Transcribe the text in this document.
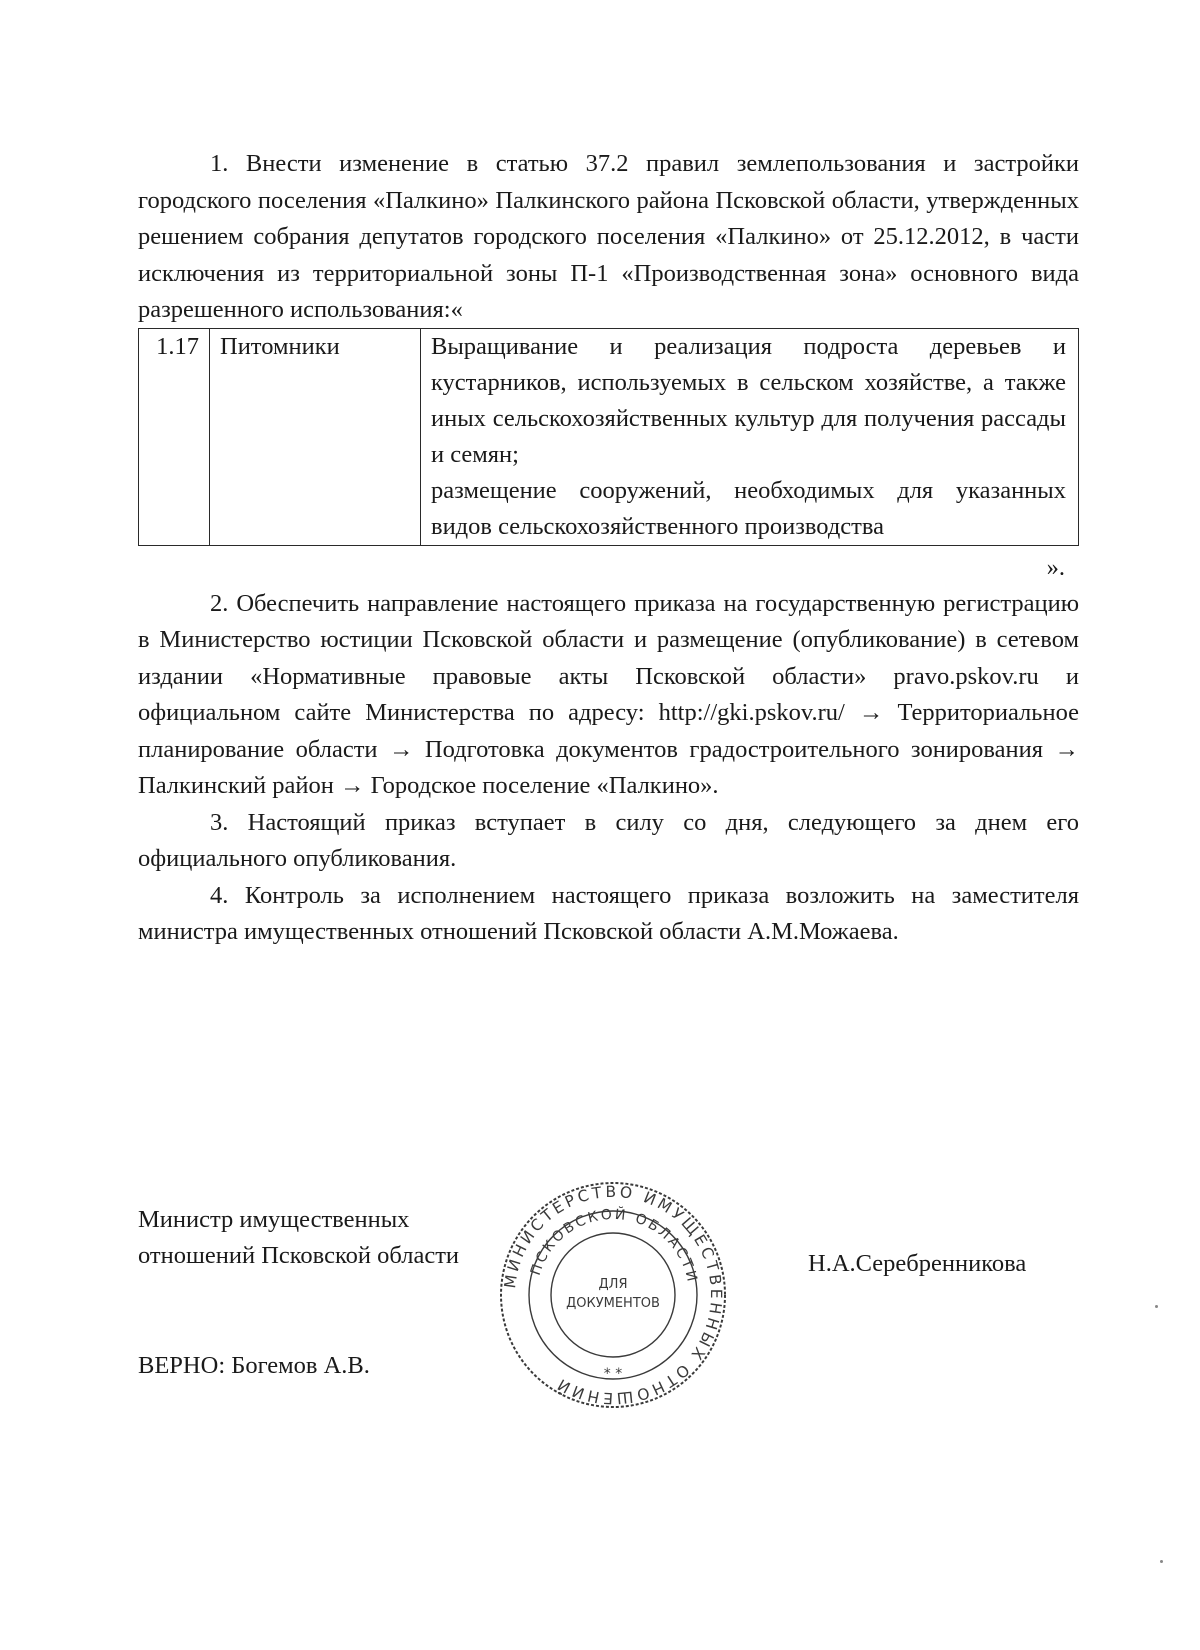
1. Внести изменение в статью 37.2 правил землепользования и застройки городского поселения «Палкино» Палкинского района Псковской области, утвержденных решением собрания депутатов городского поселения «Палкино» от 25.12.2012, в части исключения из территориальной зоны П-1 «Производственная зона» основного вида разрешенного использования:«

1.17	Питомники	Выращивание и реализация подроста деревьев и кустарников, используемых в сельском хозяйстве, а также иных сельскохозяйственных культур для получения рассады и семян;
размещение сооружений, необходимых для указанных видов сельскохозяйственного производства
».

2. Обеспечить направление настоящего приказа на государственную регистрацию в Министерство юстиции Псковской области и размещение (опубликование) в сетевом издании «Нормативные правовые акты Псковской области» pravo.pskov.ru и официальном сайте Министерства по адресу: http://gki.pskov.ru/ → Территориальное планирование области → Подготовка документов градостроительного зонирования → Палкинский район → Городское поселение «Палкино».

3. Настоящий приказ вступает в силу со дня, следующего за днем его официального опубликования.

4. Контроль за исполнением настоящего приказа возложить на заместителя министра имущественных отношений Псковской области А.М.Можаева.

Министр имущественных
отношений Псковской области	Н.А.Серебренникова
ВЕРНО: Богемов А.В.
МИНИСТЕРСТВО ИМУЩЕСТВЕННЫХ ОТНОШЕНИЙ
ПСКОВСКОЙ ОБЛАСТИ
ДЛЯ
ДОКУМЕНТОВ
* *
